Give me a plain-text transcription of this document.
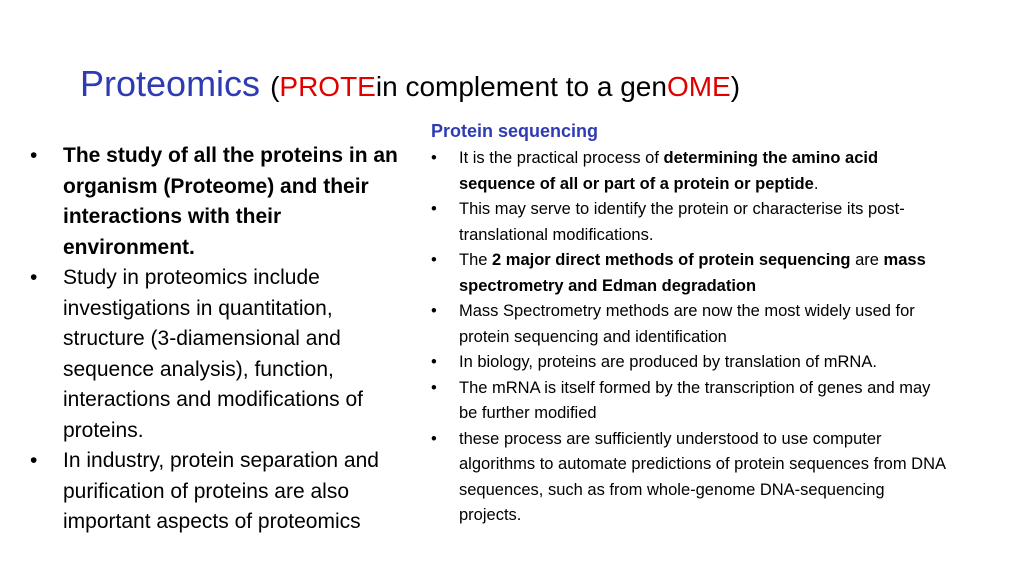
Proteomics (PROTEin complement to a genOME)
•	The study of all the proteins in an organism (Proteome) and their interactions with their environment.
•	Study in proteomics include investigations in quantitation, structure (3-diamensional and sequence analysis), function, interactions and modifications of proteins.
•	In industry, protein separation and purification of proteins are also important aspects of proteomics
Protein sequencing
•	It is the practical process of determining the amino acid sequence of all or part of a protein or peptide.
•	This may serve to identify the protein or characterise its post-translational modifications.
•	The 2 major direct methods of protein sequencing are mass spectrometry and Edman degradation
•	Mass Spectrometry methods are now the most widely used for protein sequencing and identification
•	In biology, proteins are produced by translation of mRNA.
•	The mRNA is itself formed by the transcription of genes and may be further modified
•	these process are sufficiently understood to use computer algorithms to automate predictions of protein sequences from DNA sequences, such as from whole-genome DNA-sequencing projects.
